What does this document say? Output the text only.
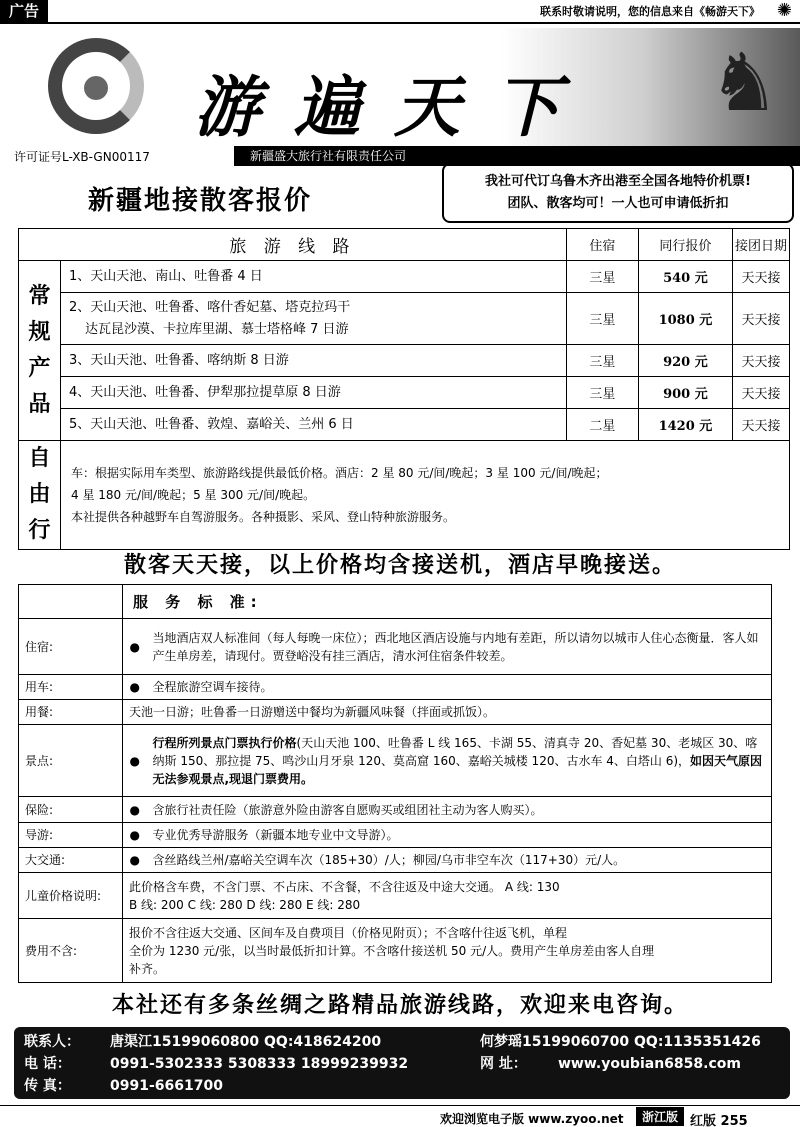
广告	联系时敬请说明，您的信息来自《畅游天下》 ✺
游遍天下 ♞
许可证号L-XB-GN00117	新疆盛大旅行社有限责任公司
新疆地接散客报价
我社可代订乌鲁木齐出港至全国各地特价机票!
团队、散客均可！一人也可申请低折扣
旅 游 线 路		住宿	同行报价	接团日期

常规产品	1、天山天池、南山、吐鲁番 4 日	三星	540 元	天天接

	2、天山天池、吐鲁番、喀什香妃墓、塔克拉玛干
达瓦昆沙漠、卡拉库里湖、慕士塔格峰 7 日游	三星	1080 元	天天接
	3、天山天池、吐鲁番、喀纳斯 8 日游	三星	920 元	天天接
	4、天山天池、吐鲁番、伊犁那拉提草原 8 日游	三星	900 元	天天接
	5、天山天池、吐鲁番、敦煌、嘉峪关、兰州 6 日	二星	1420 元	天天接

自由行	车：根据实际用车类型、旅游路线提供最低价格。酒店：2 星 80 元/间/晚起；3 星 100 元/间/晚起；
4 星 180 元/间/晚起；5 星 300 元/间/晚起。
本社提供各种越野车自驾游服务。各种摄影、采风、登山特种旅游服务。			
散客天天接，以上价格均含接送机，酒店早晚接送。
	服 务 标 准:	
住宿:	●	当地酒店双人标准间（每人每晚一床位）；西北地区酒店设施与内地有差距，所以请勿以城市人住心态衡量．客人如产生单房差，请现付。贾登峪没有挂三酒店，清水河住宿条件较差。
用车:	●	全程旅游空调车接待。
用餐:	天池一日游；吐鲁番一日游赠送中餐均为新疆风味餐（拌面或抓饭）。	
景点:	●	行程所列景点门票执行价格(天山天池 100、吐鲁番 L 线 165、卡湖 55、清真寺 20、香妃墓 30、老城区 30、喀纳斯 150、那拉提 75、鸣沙山月牙泉 120、莫高窟 160、嘉峪关城楼 120、古水车 4、白塔山 6)，如因天气原因无法参观景点,现退门票费用。
保险:	●	含旅行社责任险（旅游意外险由游客自愿购买或组团社主动为客人购买）。
导游:	●	专业优秀导游服务（新疆本地专业中文导游）。
大交通:	●	含丝路线兰州/嘉峪关空调车次（185+30）/人；柳园/乌市非空车次（117+30）元/人。
儿童价格说明:	此价格含车费，不含门票、不占床、不含餐，不含往返及中途大交通。 A 线: 130
B 线: 200 C 线: 280 D 线: 280 E 线: 280	

费用不含:	报价不含往返大交通、区间车及自费项目（价格见附页）；不含喀什往返飞机，单程
全价为 1230 元/张，以当时最低折扣计算。不含喀什接送机 50 元/人。费用产生单房差由客人自理
补齐。	
本社还有多条丝绸之路精品旅游线路，欢迎来电咨询。
联系人：	唐渠江15199060800 QQ:418624200	何梦瑶15199060700 QQ:1135351426
电 话：	0991-5302333 5308333 18999239932	网 址：	www.youbian6858.com
传 真：	0991-6661700
欢迎浏览电子版 www.zyoo.net	浙江版 红版 255
